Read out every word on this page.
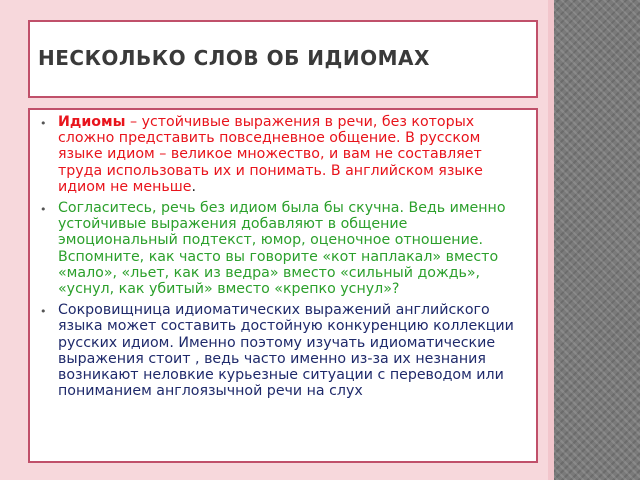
НЕСКОЛЬКО СЛОВ ОБ ИДИОМАХ
• Идиомы – устойчивые выражения в речи, без которых сложно представить повседневное общение. В русском языке идиом – великое множество, и вам не составляет труда использовать их и понимать. В английском языке идиом не меньше.
• Согласитесь, речь без идиом была бы скучна. Ведь именно устойчивые выражения добавляют в общение эмоциональный подтекст, юмор, оценочное отношение. Вспомните, как часто вы говорите «кот наплакал» вместо «мало», «льет, как из ведра» вместо «сильный дождь», «уснул, как убитый» вместо «крепко уснул»?
• Сокровищница идиоматических выражений английского языка может составить достойную конкуренцию коллекции русских идиом. Именно поэтому изучать идиоматические выражения стоит , ведь часто именно из-за их незнания возникают неловкие курьезные ситуации с переводом или пониманием англоязычной речи на слух
